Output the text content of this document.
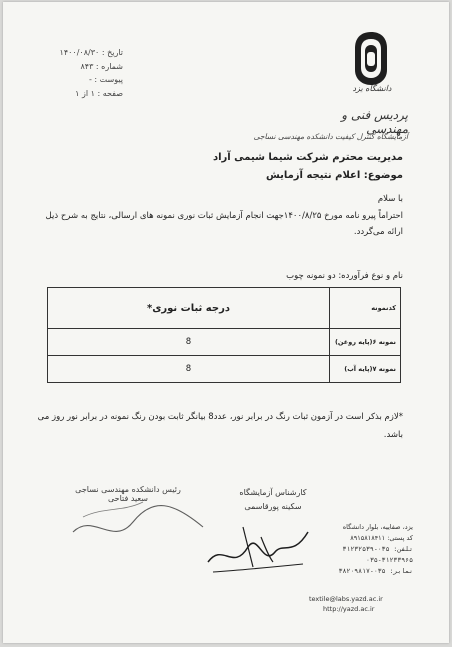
تاریخ : ۱۴۰۰/۰۸/۳۰
شماره : ۸۴۳
پیوست : -
صفحه : ۱ از ۱	دانشگاه یزد
پردیس فنی و مهندسی
آزمایشگاه کنترل کیفیت دانشکده مهندسی نساجی
مدیریت محترم شرکت شیما شیمی آراد
موضوع: اعلام نتیجه آزمایش
با سلام
احتراماً پیرو نامه مورخ ۱۴۰۰/۸/۲۵جهت انجام آزمایش ثبات نوری نمونه های ارسالی، نتایج به شرح ذیل ارائه می‌گردد.
نام و نوع فرآورده: دو نمونه چوب
کدنمونه	درجه ثبات نوری*
نمونه ۶(پایه روغن)	8
نمونه ۷(پایه آب)	8
*لازم بذکر است در آزمون ثبات رنگ در برابر نور، عدد8 بیانگر ثابت بودن رنگ نمونه در برابر نور روز می باشد.
کارشناس آزمایشگاه
سکینه پورقاسمی
رئیس دانشکده مهندسی نساجی
سعید فتاحی
یزد، صفاییه، بلوار دانشگاه
کد پستی: ۸۹۱۵۸۱۸۴۱۱
تلفن: ۰۳۵-۳۱۲۳۲۵۳۹
۰۳۵-۳۱۲۳۳۹۶۵
نمابر: ۰۳۵-۳۸۲۰۹۸۱۷
textile@labs.yazd.ac.ir
http://yazd.ac.ir
